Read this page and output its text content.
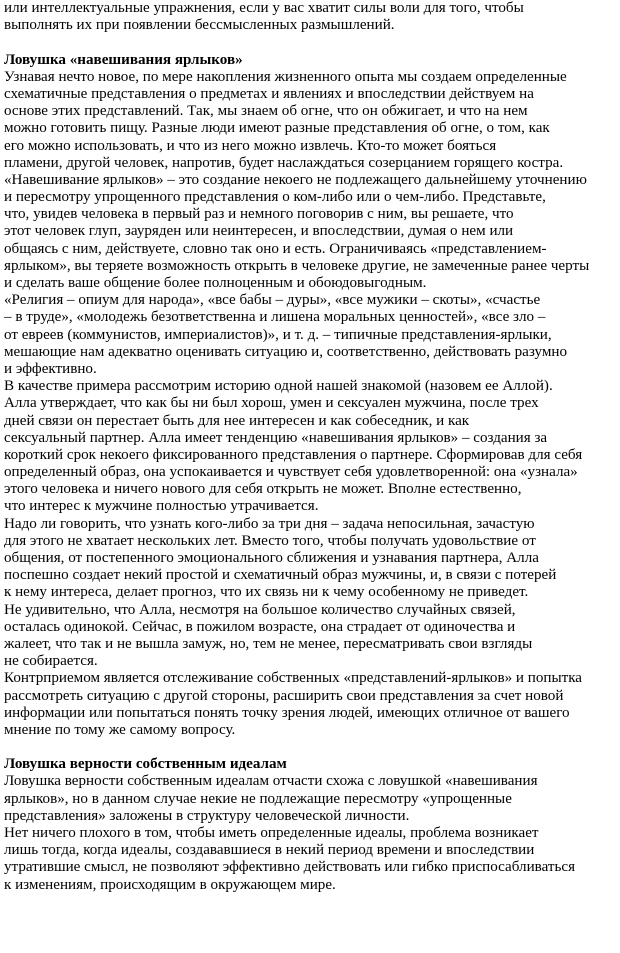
или интеллектуальные упражнения, если у вас хватит силы воли для того, чтобы
выполнять их при появлении бессмысленных размышлений.
Ловушка «навешивания ярлыков»
Узнавая нечто новое, по мере накопления жизненного опыта мы создаем определенные
схематичные представления о предметах и явлениях и впоследствии действуем на
основе этих представлений. Так, мы знаем об огне, что он обжигает, и что на нем
можно готовить пищу. Разные люди имеют разные представления об огне, о том, как
его можно использовать, и что из него можно извлечь. Кто-то может бояться
пламени, другой человек, напротив, будет наслаждаться созерцанием горящего костра.
«Навешивание ярлыков» – это создание некоего не подлежащего дальнейшему уточнению
и пересмотру упрощенного представления о ком-либо или о чем-либо. Представьте,
что, увидев человека в первый раз и немного поговорив с ним, вы решаете, что
этот человек глуп, зауряден или неинтересен, и впоследствии, думая о нем или
общаясь с ним, действуете, словно так оно и есть. Ограничиваясь «представлением-
ярлыком», вы теряете возможность открыть в человеке другие, не замеченные ранее черты
и сделать ваше общение более полноценным и обоюдовыгодным.
«Религия – опиум для народа», «все бабы – дуры», «все мужики – скоты», «счастье
– в труде», «молодежь безответственна и лишена моральных ценностей», «все зло –
от евреев (коммунистов, империалистов)», и т. д. – типичные представления-ярлыки,
мешающие нам адекватно оценивать ситуацию и, соответственно, действовать разумно
и эффективно.
В качестве примера рассмотрим историю одной нашей знакомой (назовем ее Аллой).
Алла утверждает, что как бы ни был хорош, умен и сексуален мужчина, после трех
дней связи он перестает быть для нее интересен и как собеседник, и как
сексуальный партнер. Алла имеет тенденцию «навешивания ярлыков» – создания за
короткий срок некоего фиксированного представления о партнере. Сформировав для себя
определенный образ, она успокаивается и чувствует себя удовлетворенной: она «узнала»
этого человека и ничего нового для себя открыть не может. Вполне естественно,
что интерес к мужчине полностью утрачивается.
Надо ли говорить, что узнать кого-либо за три дня – задача непосильная, зачастую
для этого не хватает нескольких лет. Вместо того, чтобы получать удовольствие от
общения, от постепенного эмоционального сближения и узнавания партнера, Алла
поспешно создает некий простой и схематичный образ мужчины, и, в связи с потерей
к нему интереса, делает прогноз, что их связь ни к чему особенному не приведет.
Не удивительно, что Алла, несмотря на большое количество случайных связей,
осталась одинокой. Сейчас, в пожилом возрасте, она страдает от одиночества и
жалеет, что так и не вышла замуж, но, тем не менее, пересматривать свои взгляды
не собирается.
Контрприемом является отслеживание собственных «представлений-ярлыков» и попытка
рассмотреть ситуацию с другой стороны, расширить свои представления за счет новой
информации или попытаться понять точку зрения людей, имеющих отличное от вашего
мнение по тому же самому вопросу.
Ловушка верности собственным идеалам
Ловушка верности собственным идеалам отчасти схожа с ловушкой «навешивания
ярлыков», но в данном случае некие не подлежащие пересмотру «упрощенные
представления» заложены в структуру человеческой личности.
Нет ничего плохого в том, чтобы иметь определенные идеалы, проблема возникает
лишь тогда, когда идеалы, создававшиеся в некий период времени и впоследствии
утратившие смысл, не позволяют эффективно действовать или гибко приспосабливаться
к изменениям, происходящим в окружающем мире.
